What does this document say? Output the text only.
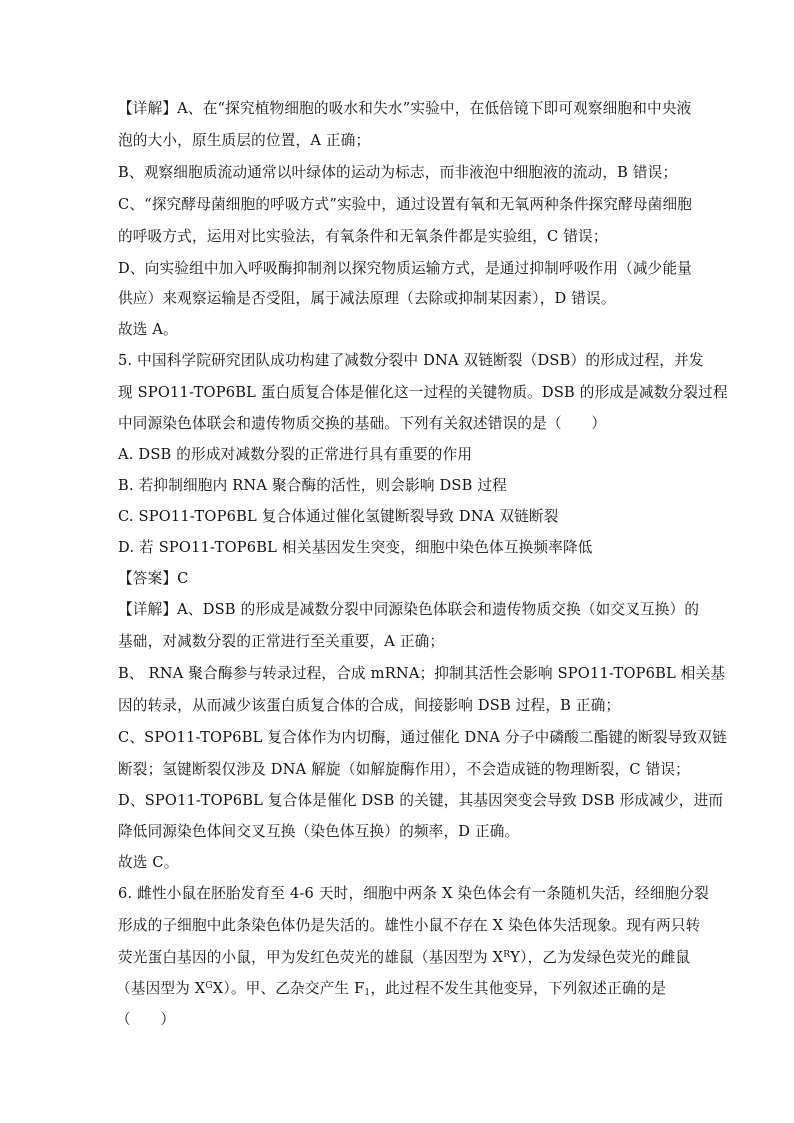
【详解】A、在“探究植物细胞的吸水和失水”实验中，在低倍镜下即可观察细胞和中央液
泡的大小，原生质层的位置，A 正确；
B、观察细胞质流动通常以叶绿体的运动为标志，而非液泡中细胞液的流动，B 错误；
C、“探究酵母菌细胞的呼吸方式”实验中，通过设置有氧和无氧两种条件探究酵母菌细胞
的呼吸方式，运用对比实验法，有氧条件和无氧条件都是实验组，C 错误；
D、向实验组中加入呼吸酶抑制剂以探究物质运输方式，是通过抑制呼吸作用（减少能量
供应）来观察运输是否受阻，属于减法原理（去除或抑制某因素），D 错误。
故选 A。
5. 中国科学院研究团队成功构建了减数分裂中 DNA 双链断裂（DSB）的形成过程，并发
现 SPO11-TOP6BL 蛋白质复合体是催化这一过程的关键物质。DSB 的形成是减数分裂过程
中同源染色体联会和遗传物质交换的基础。下列有关叙述错误的是（　　）
A. DSB 的形成对减数分裂的正常进行具有重要的作用
B. 若抑制细胞内 RNA 聚合酶的活性，则会影响 DSB 过程
C. SPO11-TOP6BL 复合体通过催化氢键断裂导致 DNA 双链断裂
D. 若 SPO11-TOP6BL 相关基因发生突变，细胞中染色体互换频率降低
【答案】C
【详解】A、DSB 的形成是减数分裂中同源染色体联会和遗传物质交换（如交叉互换）的
基础，对减数分裂的正常进行至关重要，A 正确；
B、 RNA 聚合酶参与转录过程，合成 mRNA；抑制其活性会影响 SPO11-TOP6BL 相关基
因的转录，从而减少该蛋白质复合体的合成，间接影响 DSB 过程，B 正确；
C、SPO11-TOP6BL 复合体作为内切酶，通过催化 DNA 分子中磷酸二酯键的断裂导致双链
断裂；氢键断裂仅涉及 DNA 解旋（如解旋酶作用），不会造成链的物理断裂，C 错误；
D、SPO11-TOP6BL 复合体是催化 DSB 的关键，其基因突变会导致 DSB 形成减少，进而
降低同源染色体间交叉互换（染色体互换）的频率，D 正确。
故选 C。
6. 雌性小鼠在胚胎发育至 4-6 天时，细胞中两条 X 染色体会有一条随机失活，经细胞分裂
形成的子细胞中此条染色体仍是失活的。雄性小鼠不存在 X 染色体失活现象。现有两只转
荧光蛋白基因的小鼠，甲为发红色荧光的雄鼠（基因型为 $X^RY$），乙为发绿色荧光的雌鼠
（基因型为 $X^GX$）。甲、乙杂交产生 $F_1$，此过程不发生其他变异，下列叙述正确的是
（　　）
